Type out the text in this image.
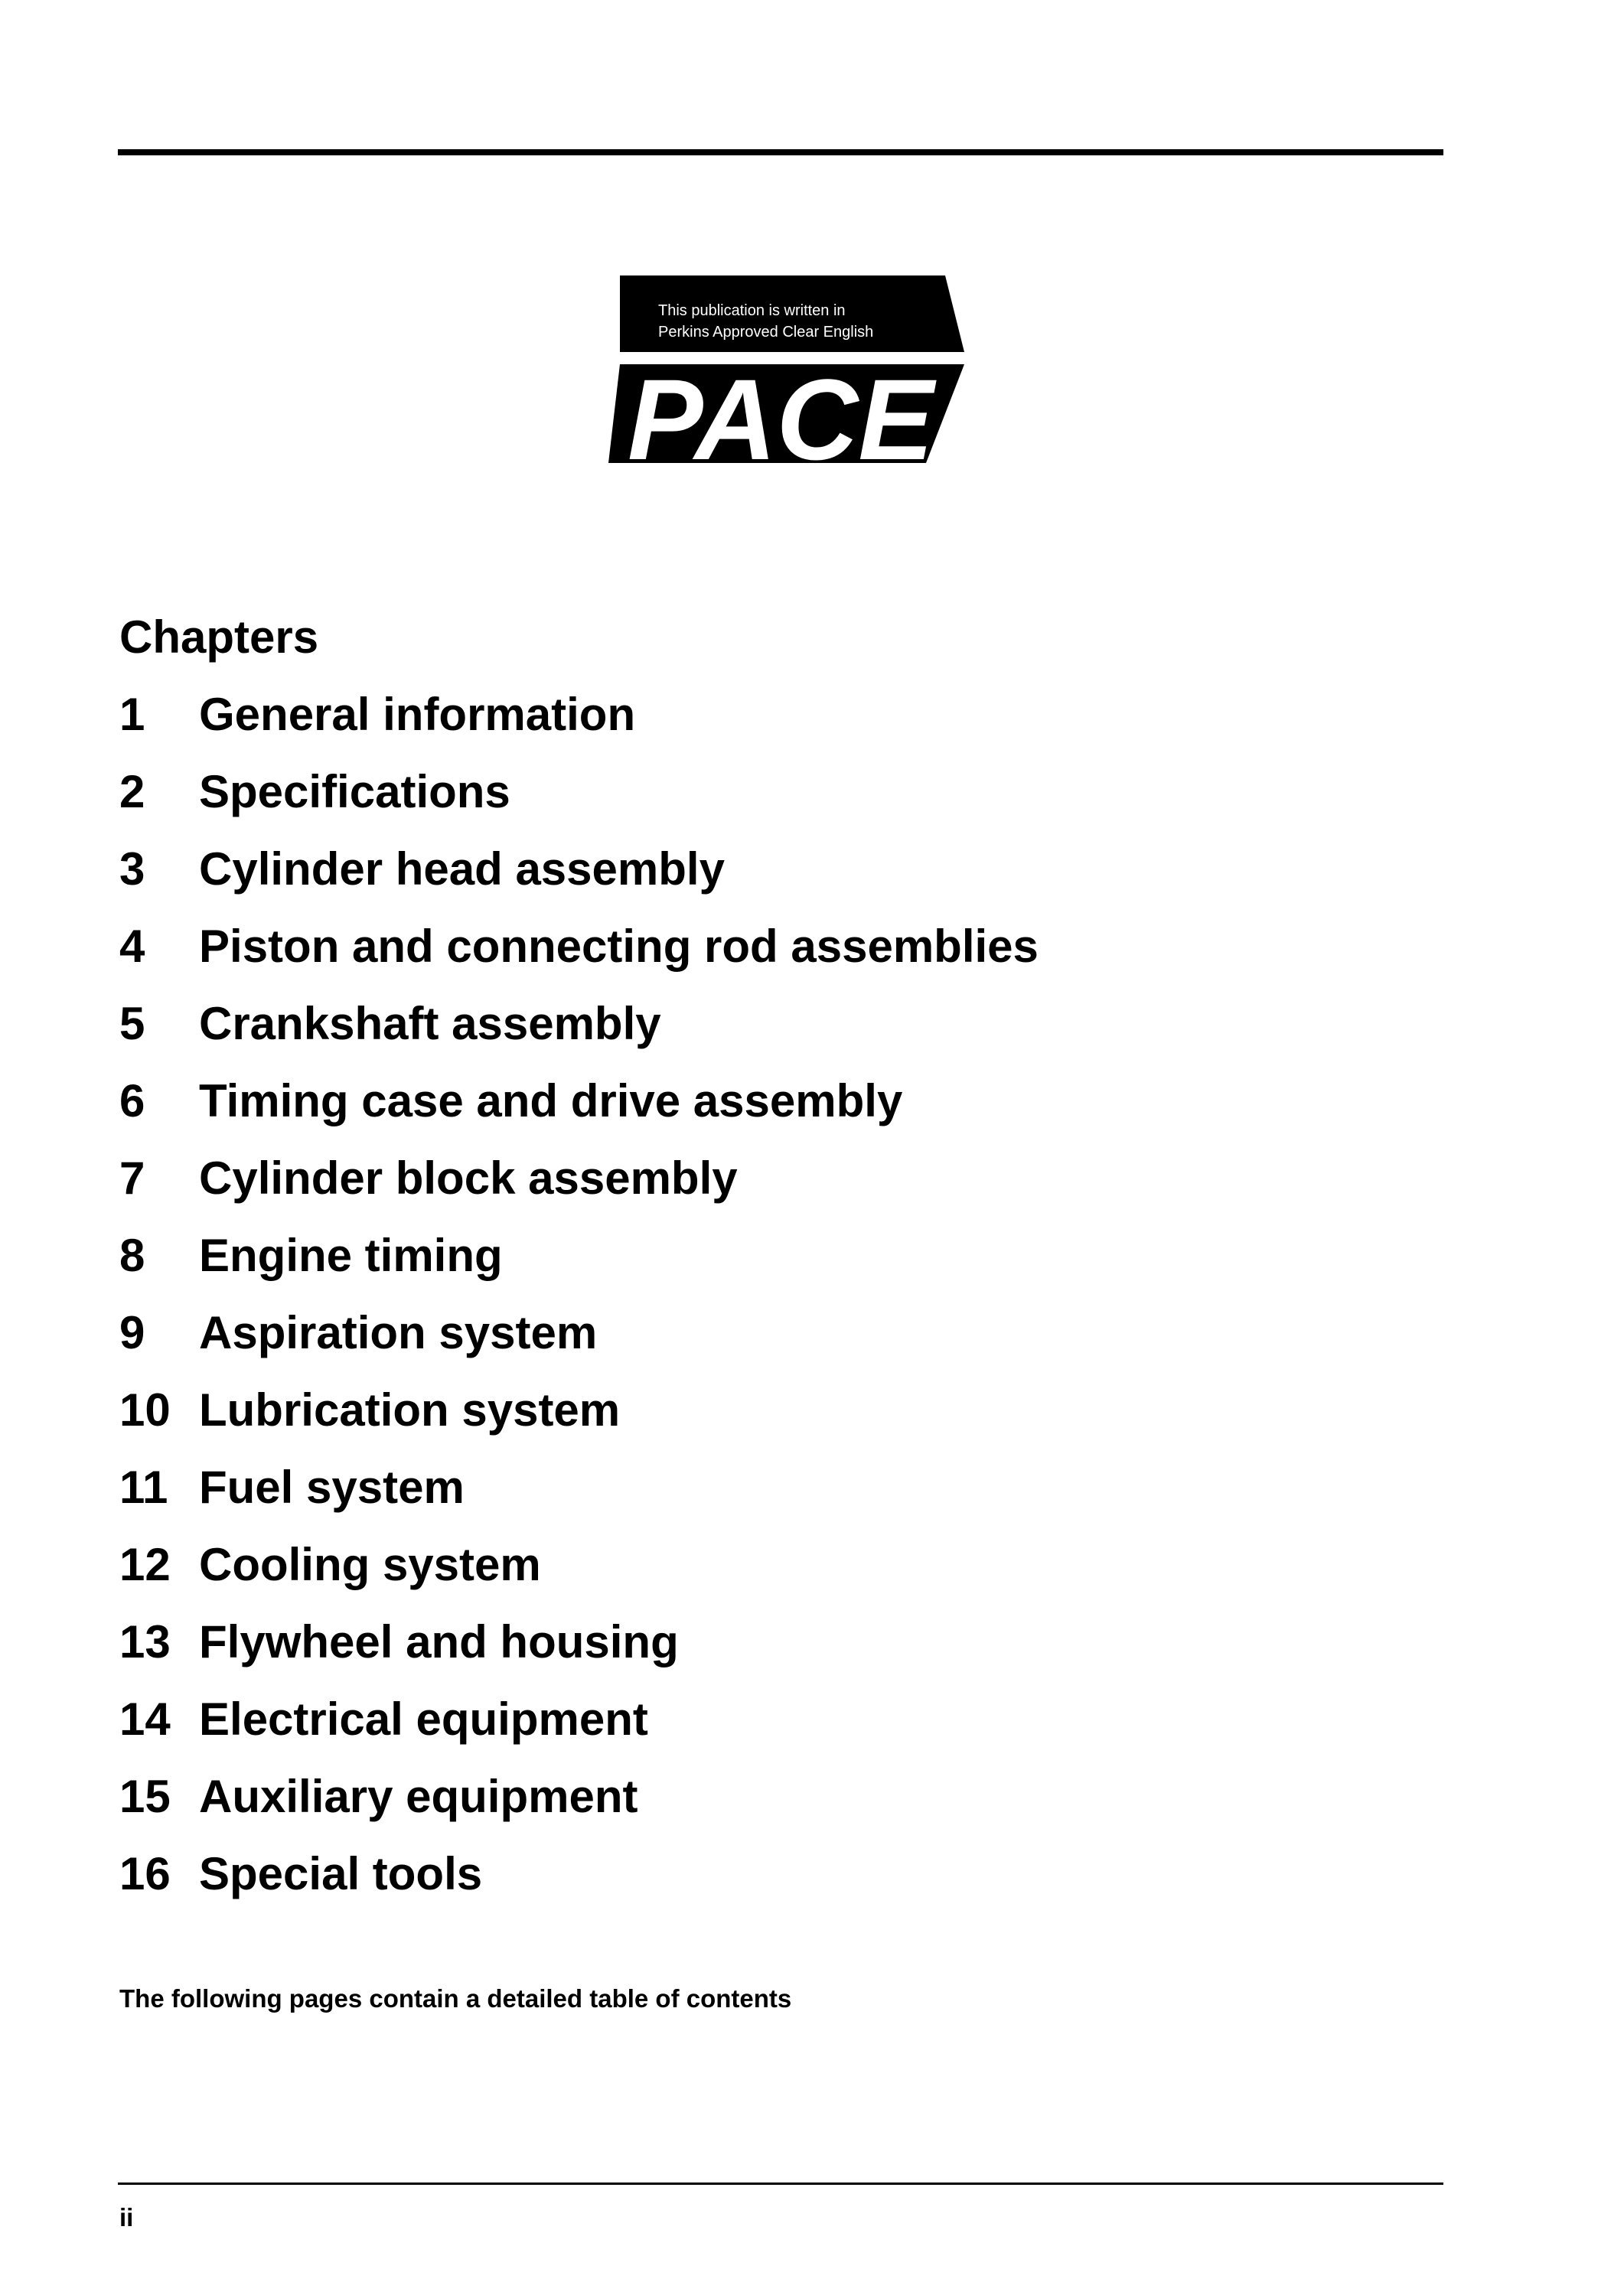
PACE
This publication is written in
Perkins Approved Clear English
Chapters
1	General information
2	Specifications
3	Cylinder head assembly
4	Piston and connecting rod assemblies
5	Crankshaft assembly
6	Timing case and drive assembly
7	Cylinder block assembly
8	Engine timing
9	Aspiration system
10 Lubrication system
11 Fuel system
12 Cooling system
13 Flywheel and housing
14 Electrical equipment
15 Auxiliary equipment
16 Special tools
The following pages contain a detailed table of contents
ii
